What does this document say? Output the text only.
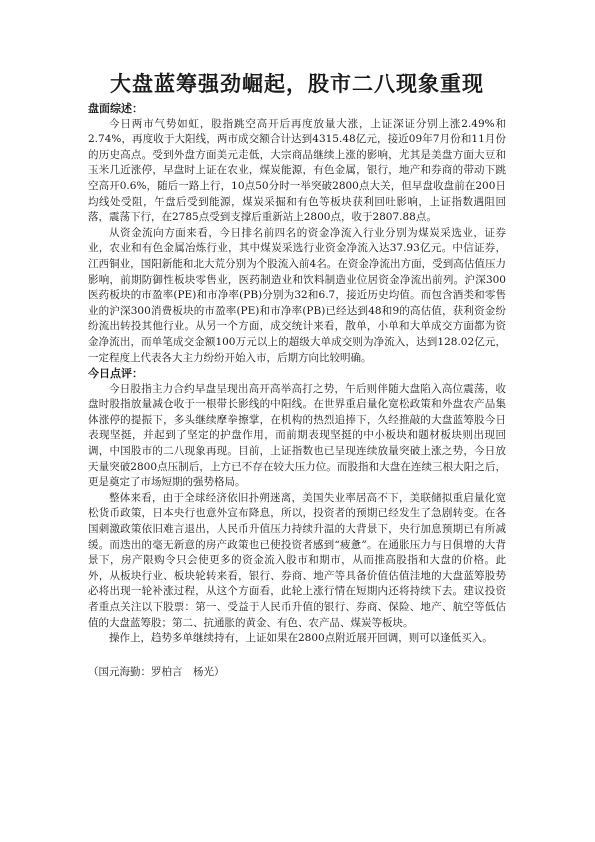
大盘蓝筹强劲崛起，股市二八现象重现

盘面综述：

今日两市气势如虹，股指跳空高开后再度放量大涨，上证深证分别上涨2.49%和2.74%，再度收于大阳线，两市成交额合计达到4315.48亿元，接近09年7月份和11月份的历史高点。受到外盘方面美元走低，大宗商品继续上涨的影响，尤其是美盘方面大豆和玉米几近涨停，早盘时上证在农业，煤炭能源，有色金属，银行，地产和券商的带动下跳空高开0.6%，随后一路上行，10点50分时一举突破2800点大关，但早盘收盘前在200日均线处受阻，午盘后受到能源，煤炭采掘和有色等板块获利回吐影响，上证指数遇阻回落，震荡下行，在2785点受到支撑后重新站上2800点，收于2807.88点。

从资金流向方面来看，今日排名前四名的资金净流入行业分别为煤炭采选业，证券业，农业和有色金属冶炼行业，其中煤炭采选行业资金净流入达37.93亿元。中信证券，江西铜业，国阳新能和北大荒分别为个股流入前4名。在资金净流出方面，受到高估值压力影响，前期防御性板块零售业，医药制造业和饮料制造业位居资金净流出前列。沪深300医药板块的市盈率(PE)和市净率(PB)分别为32和6.7，接近历史均值。而包含酒类和零售业的沪深300消费板块的市盈率(PE)和市净率(PB)已经达到48和9的高估值，获利资金纷纷流出转投其他行业。从另一个方面，成交统计来看，散单，小单和大单成交方面都为资金净流出，而单笔成交金额100万元以上的超级大单成交则为净流入，达到128.02亿元，一定程度上代表各大主力纷纷开始入市，后期方向比较明确。

今日点评：

今日股指主力合约早盘呈现出高开高举高打之势，午后则伴随大盘陷入高位震荡，收盘时股指放量减仓收于一根带长影线的中阳线。在世界重启量化宽松政策和外盘农产品集体涨停的提振下，多头继续摩拳擦掌，在机构的热烈追捧下，久经推敲的大盘蓝筹股今日表现坚挺，并起到了坚定的护盘作用，而前期表现坚挺的中小板块和题材板块则出现回调，中国股市的二八现象再现。目前，上证指数也已呈现连续放量突破上涨之势，今日放天量突破2800点压制后，上方已不存在较大压力位。而股指和大盘在连续三根大阳之后，更是奠定了市场短期的强势格局。

整体来看，由于全球经济依旧扑朔迷离，美国失业率居高不下，美联储拟重启量化宽松货币政策，日本央行也意外宣布降息，所以，投资者的预期已经发生了急剧转变。在各国刺激政策依旧难言退出，人民币升值压力持续升温的大背景下，央行加息预期已有所减缓。而迭出的毫无新意的房产政策也已使投资者感到“疲惫”。在通胀压力与日俱增的大背景下，房产限购令只会使更多的资金流入股市和期市，从而推高股指和大盘的价格。此外，从板块行业、板块轮转来看，银行、券商、地产等具备价值估值洼地的大盘蓝筹股势必将出现一轮补涨过程，从这个方面看，此轮上涨行情在短期内还将持续下去。建议投资者重点关注以下股票：第一、受益于人民币升值的银行、券商、保险、地产、航空等低估值的大盘蓝筹股；第二、抗通胀的黄金、有色、农产品、煤炭等板块。

操作上，趋势多单继续持有，上证如果在2800点附近展开回调，则可以逢低买入。

（国元海勤：罗柏言　杨光）
